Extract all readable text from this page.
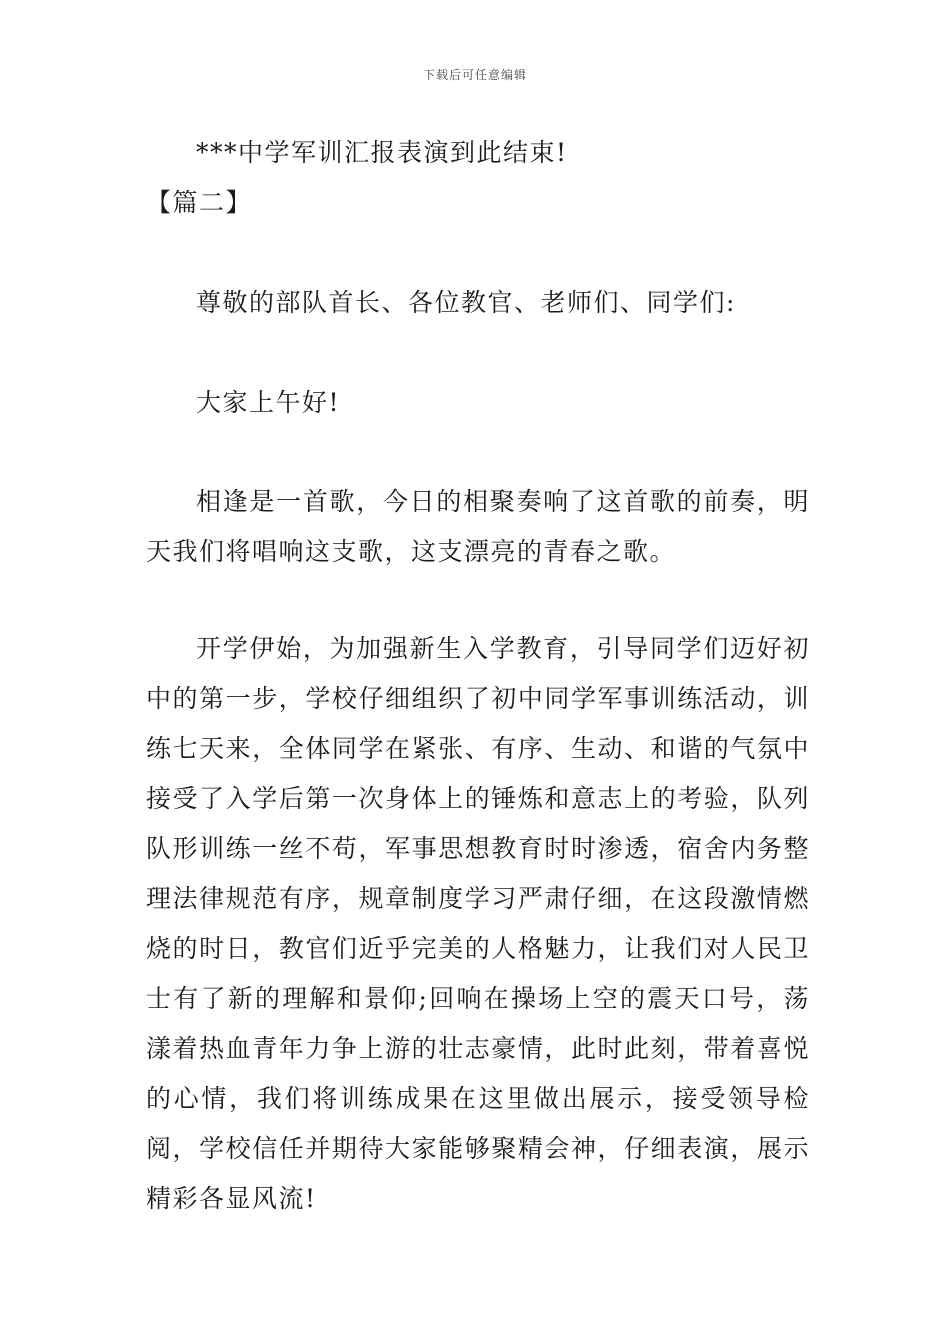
下载后可任意编辑
***中学军训汇报表演到此结束!
【篇二】
尊敬的部队首长、各位教官、老师们、同学们:
大家上午好!
相逢是一首歌，今日的相聚奏响了这首歌的前奏，明天我们将唱响这支歌，这支漂亮的青春之歌。
开学伊始，为加强新生入学教育，引导同学们迈好初中的第一步，学校仔细组织了初中同学军事训练活动，训练七天来，全体同学在紧张、有序、生动、和谐的气氛中接受了入学后第一次身体上的锤炼和意志上的考验，队列队形训练一丝不苟，军事思想教育时时渗透，宿舍内务整理法律规范有序，规章制度学习严肃仔细，在这段激情燃烧的时日，教官们近乎完美的人格魅力，让我们对人民卫士有了新的理解和景仰;回响在操场上空的震天口号，荡漾着热血青年力争上游的壮志豪情，此时此刻，带着喜悦的心情，我们将训练成果在这里做出展示，接受领导检阅，学校信任并期待大家能够聚精会神，仔细表演，展示精彩各显风流!
